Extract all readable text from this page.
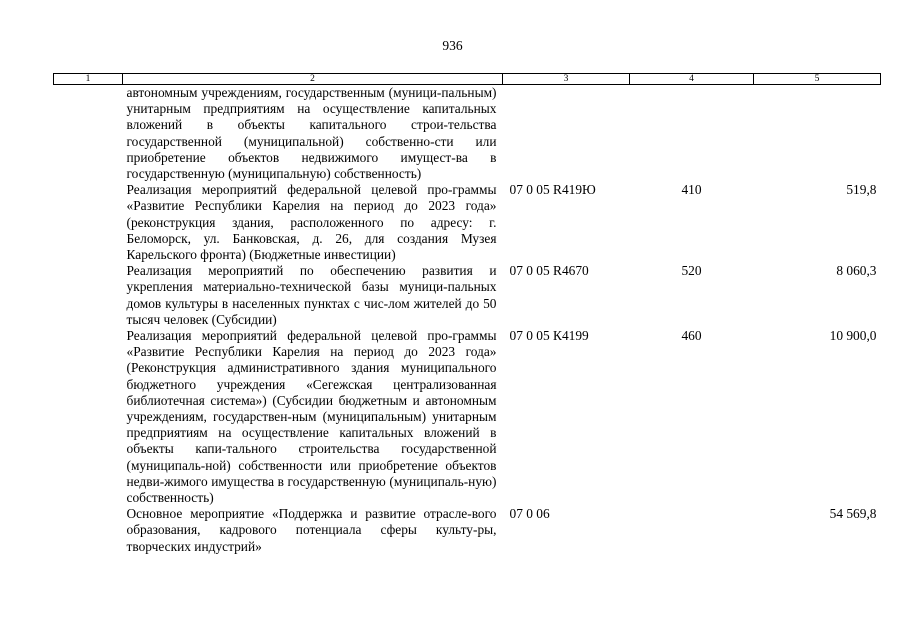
936
1	2	3	4	5
	автономным учреждениям, государственным (муници-пальным) унитарным предприятиям на осуществление капитальных вложений в объекты капитального строи-тельства государственной (муниципальной) собственно-сти или приобретение объектов недвижимого имущест-ва в государственную (муниципальную) собственность)			
	Реализация мероприятий федеральной целевой про-граммы «Развитие Республики Карелия на период до 2023 года» (реконструкция здания, расположенного по адресу: г. Беломорск, ул. Банковская, д. 26, для создания Музея Карельского фронта) (Бюджетные инвестиции)	07 0 05 R419Ю	410	519,8
	Реализация мероприятий по обеспечению развития и укрепления материально-технической базы муници-пальных домов культуры в населенных пунктах с чис-лом жителей до 50 тысяч человек (Субсидии)	07 0 05 R4670	520	8 060,3
	Реализация мероприятий федеральной целевой про-граммы «Развитие Республики Карелия на период до 2023 года» (Реконструкция административного здания муниципального бюджетного учреждения «Сегежская централизованная библиотечная система») (Субсидии бюджетным и автономным учреждениям, государствен-ным (муниципальным) унитарным предприятиям на осуществление капитальных вложений в объекты капи-тального строительства государственной (муниципаль-ной) собственности или приобретение объектов недви-жимого имущества в государственную (муниципаль-ную) собственность)	07 0 05 К4199	460	10 900,0
	Основное мероприятие «Поддержка и развитие отрасле-вого образования, кадрового потенциала сферы культу-ры, творческих индустрий»	07 0 06		54 569,8
